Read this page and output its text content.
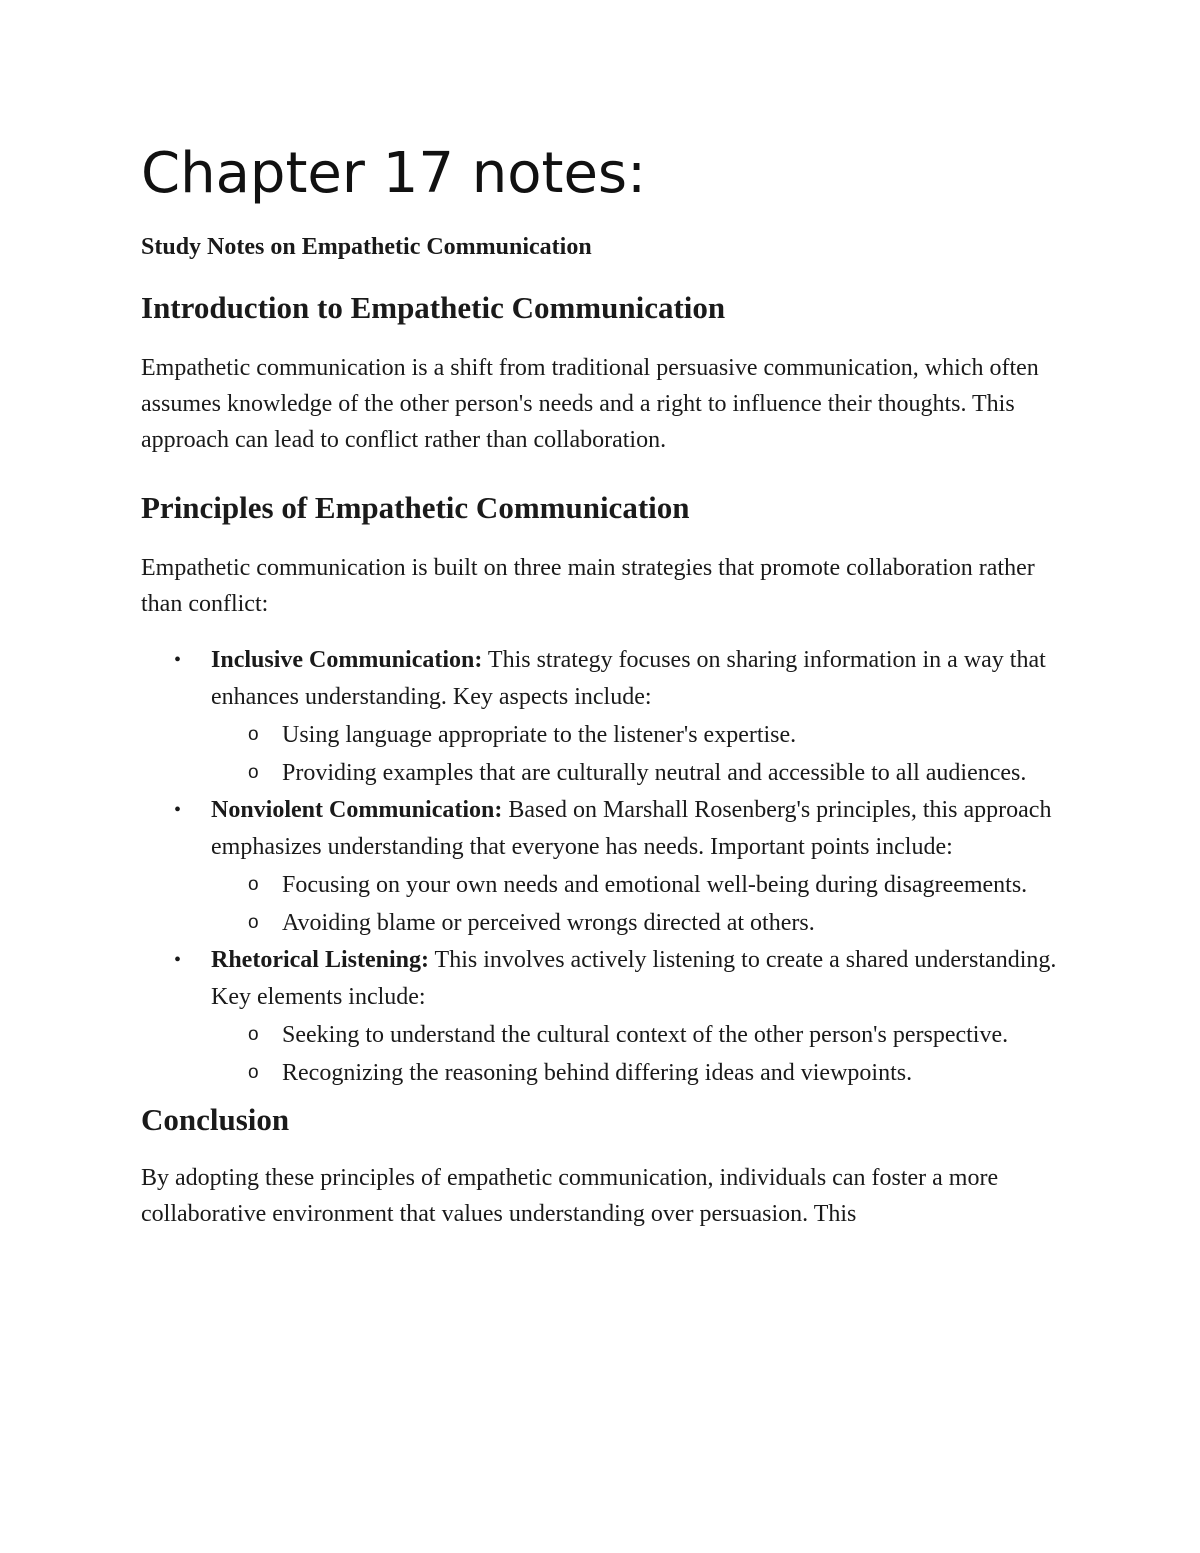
Chapter 17 notes:
Study Notes on Empathetic Communication
Introduction to Empathetic Communication

Empathetic communication is a shift from traditional persuasive communication, which often assumes knowledge of the other person's needs and a right to influence their thoughts. This approach can lead to conflict rather than collaboration.

Principles of Empathetic Communication

Empathetic communication is built on three main strategies that promote collaboration rather than conflict:

• Inclusive Communication: This strategy focuses on sharing information in a way that enhances understanding. Key aspects include:
o Using language appropriate to the listener's expertise.
o Providing examples that are culturally neutral and accessible to all audiences.
• Nonviolent Communication: Based on Marshall Rosenberg's principles, this approach emphasizes understanding that everyone has needs. Important points include:
o Focusing on your own needs and emotional well-being during disagreements.
o Avoiding blame or perceived wrongs directed at others.
• Rhetorical Listening: This involves actively listening to create a shared understanding. Key elements include:
o Seeking to understand the cultural context of the other person's perspective.
o Recognizing the reasoning behind differing ideas and viewpoints.
Conclusion

By adopting these principles of empathetic communication, individuals can foster a more collaborative environment that values understanding over persuasion. This
